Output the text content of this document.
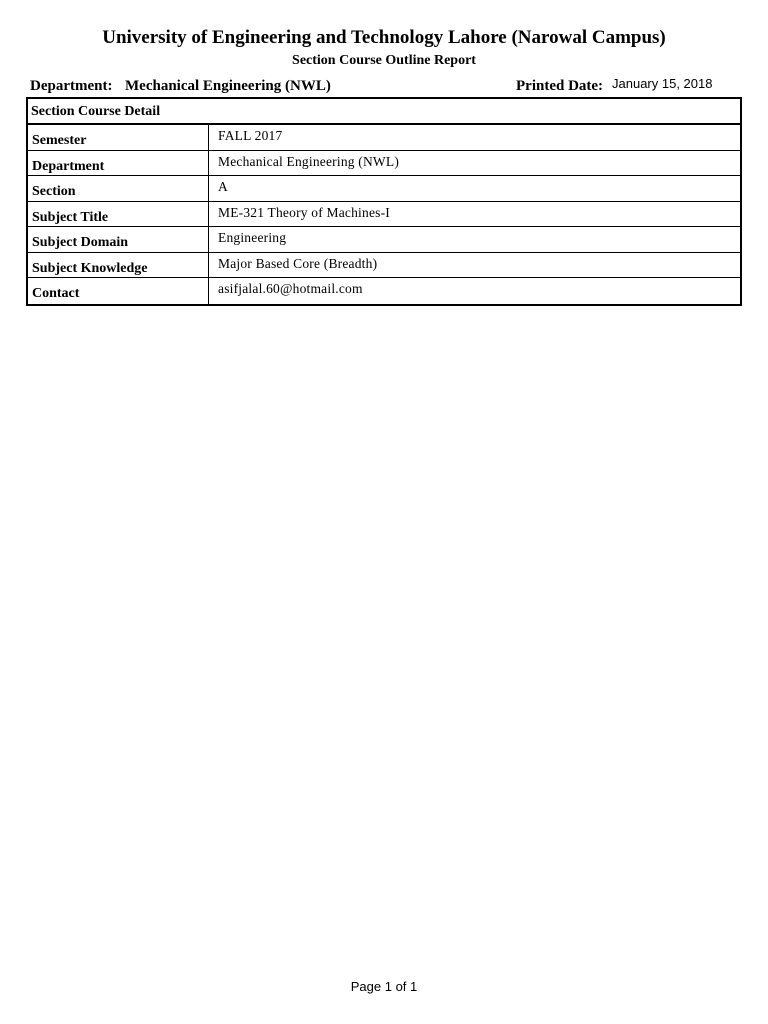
University of Engineering and Technology Lahore (Narowal Campus)
Section Course Outline Report
Department: Mechanical Engineering (NWL)	Printed Date: January 15, 2018
Section Course Detail
Semester	FALL 2017
Department	Mechanical Engineering (NWL)
Section	A
Subject Title	ME-321 Theory of Machines-I
Subject Domain	Engineering
Subject Knowledge	Major Based Core (Breadth)
Contact	asifjalal.60@hotmail.com
Page 1 of 1
